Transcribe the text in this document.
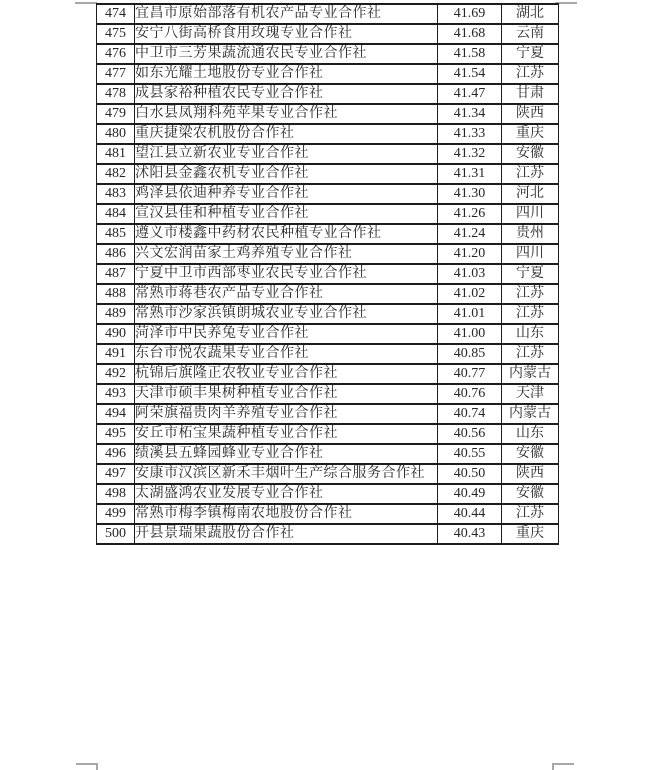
474	宜昌市原始部落有机农产品专业合作社	41.69	湖北
475	安宁八街高桥食用玫瑰专业合作社	41.68	云南
476	中卫市三芳果蔬流通农民专业合作社	41.58	宁夏
477	如东光耀土地股份专业合作社	41.54	江苏
478	成县家裕种植农民专业合作社	41.47	甘肃
479	白水县凤翔科苑苹果专业合作社	41.34	陕西
480	重庆捷梁农机股份合作社	41.33	重庆
481	望江县立新农业专业合作社	41.32	安徽
482	沭阳县金鑫农机专业合作社	41.31	江苏
483	鸡泽县依迪种养专业合作社	41.30	河北
484	宣汉县佳和种植专业合作社	41.26	四川
485	遵义市楼鑫中药材农民种植专业合作社	41.24	贵州
486	兴文宏润苗家土鸡养殖专业合作社	41.20	四川
487	宁夏中卫市西部枣业农民专业合作社	41.03	宁夏
488	常熟市蒋巷农产品专业合作社	41.02	江苏
489	常熟市沙家浜镇朗城农业专业合作社	41.01	江苏
490	菏泽市中民养兔专业合作社	41.00	山东
491	东台市悦农蔬果专业合作社	40.85	江苏
492	杭锦后旗隆正农牧业专业合作社	40.77	内蒙古
493	天津市硕丰果树种植专业合作社	40.76	天津
494	阿荣旗福贵肉羊养殖专业合作社	40.74	内蒙古
495	安丘市柘宝果蔬种植专业合作社	40.56	山东
496	绩溪县五蜂园蜂业专业合作社	40.55	安徽
497	安康市汉滨区新禾丰烟叶生产综合服务合作社	40.50	陕西
498	太湖盛鸿农业发展专业合作社	40.49	安徽
499	常熟市梅李镇梅南农地股份合作社	40.44	江苏
500	开县景瑞果蔬股份合作社	40.43	重庆
